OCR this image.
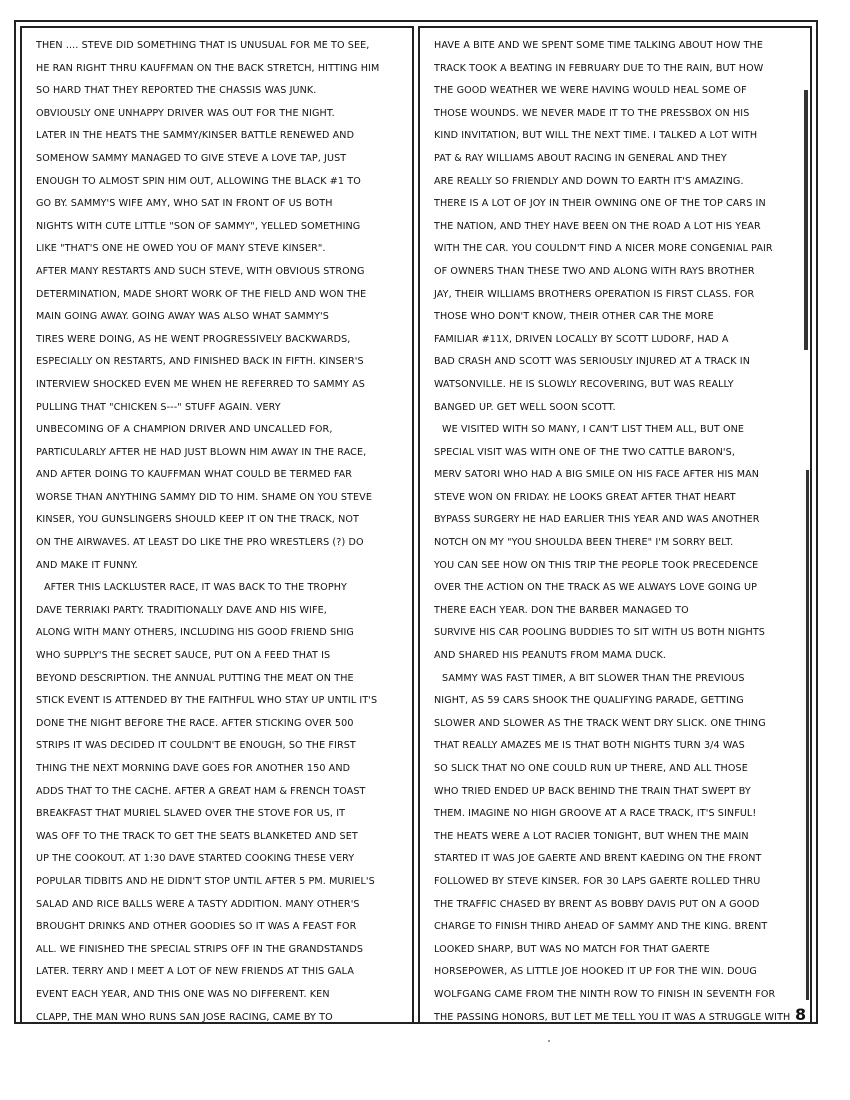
THEN .... STEVE DID SOMETHING THAT IS UNUSUAL FOR ME TO SEE,
HE RAN RIGHT THRU KAUFFMAN ON THE BACK STRETCH, HITTING HIM
SO HARD THAT THEY REPORTED THE CHASSIS WAS JUNK.
OBVIOUSLY ONE UNHAPPY DRIVER WAS OUT FOR THE NIGHT.
LATER IN THE HEATS THE SAMMY/KINSER BATTLE RENEWED AND
SOMEHOW SAMMY MANAGED TO GIVE STEVE A LOVE TAP, JUST
ENOUGH TO ALMOST SPIN HIM OUT, ALLOWING THE BLACK #1 TO
GO BY. SAMMY'S WIFE AMY, WHO SAT IN FRONT OF US BOTH
NIGHTS WITH CUTE LITTLE "SON OF SAMMY", YELLED SOMETHING
LIKE "THAT'S ONE HE OWED YOU OF MANY STEVE KINSER".
AFTER MANY RESTARTS AND SUCH STEVE, WITH OBVIOUS STRONG
DETERMINATION, MADE SHORT WORK OF THE FIELD AND WON THE
MAIN GOING AWAY. GOING AWAY WAS ALSO WHAT SAMMY'S
TIRES WERE DOING, AS HE WENT PROGRESSIVELY BACKWARDS,
ESPECIALLY ON RESTARTS, AND FINISHED BACK IN FIFTH. KINSER'S
INTERVIEW SHOCKED EVEN ME WHEN HE REFERRED TO SAMMY AS
PULLING THAT "CHICKEN S---" STUFF AGAIN. VERY
UNBECOMING OF A CHAMPION DRIVER AND UNCALLED FOR,
PARTICULARLY AFTER HE HAD JUST BLOWN HIM AWAY IN THE RACE,
AND AFTER DOING TO KAUFFMAN WHAT COULD BE TERMED FAR
WORSE THAN ANYTHING SAMMY DID TO HIM. SHAME ON YOU STEVE
KINSER, YOU GUNSLINGERS SHOULD KEEP IT ON THE TRACK, NOT
ON THE AIRWAVES. AT LEAST DO LIKE THE PRO WRESTLERS (?) DO
AND MAKE IT FUNNY.
AFTER THIS LACKLUSTER RACE, IT WAS BACK TO THE TROPHY
DAVE TERRIAKI PARTY. TRADITIONALLY DAVE AND HIS WIFE,
ALONG WITH MANY OTHERS, INCLUDING HIS GOOD FRIEND SHIG
WHO SUPPLY'S THE SECRET SAUCE, PUT ON A FEED THAT IS
BEYOND DESCRIPTION. THE ANNUAL PUTTING THE MEAT ON THE
STICK EVENT IS ATTENDED BY THE FAITHFUL WHO STAY UP UNTIL IT'S
DONE THE NIGHT BEFORE THE RACE. AFTER STICKING OVER 500
STRIPS IT WAS DECIDED IT COULDN'T BE ENOUGH, SO THE FIRST
THING THE NEXT MORNING DAVE GOES FOR ANOTHER 150 AND
ADDS THAT TO THE CACHE. AFTER A GREAT HAM & FRENCH TOAST
BREAKFAST THAT MURIEL SLAVED OVER THE STOVE FOR US, IT
WAS OFF TO THE TRACK TO GET THE SEATS BLANKETED AND SET
UP THE COOKOUT. AT 1:30 DAVE STARTED COOKING THESE VERY
POPULAR TIDBITS AND HE DIDN'T STOP UNTIL AFTER 5 PM. MURIEL'S
SALAD AND RICE BALLS WERE A TASTY ADDITION. MANY OTHER'S
BROUGHT DRINKS AND OTHER GOODIES SO IT WAS A FEAST FOR
ALL. WE FINISHED THE SPECIAL STRIPS OFF IN THE GRANDSTANDS
LATER. TERRY AND I MEET A LOT OF NEW FRIENDS AT THIS GALA
EVENT EACH YEAR, AND THIS ONE WAS NO DIFFERENT. KEN
CLAPP, THE MAN WHO RUNS SAN JOSE RACING, CAME BY TO
HAVE A BITE AND WE SPENT SOME TIME TALKING ABOUT HOW THE
TRACK TOOK A BEATING IN FEBRUARY DUE TO THE RAIN, BUT HOW
THE GOOD WEATHER WE WERE HAVING WOULD HEAL SOME OF
THOSE WOUNDS. WE NEVER MADE IT TO THE PRESSBOX ON HIS
KIND INVITATION, BUT WILL THE NEXT TIME. I TALKED A LOT WITH
PAT & RAY WILLIAMS ABOUT RACING IN GENERAL AND THEY
ARE REALLY SO FRIENDLY AND DOWN TO EARTH IT'S AMAZING.
THERE IS A LOT OF JOY IN THEIR OWNING ONE OF THE TOP CARS IN
THE NATION, AND THEY HAVE BEEN ON THE ROAD A LOT HIS YEAR
WITH THE CAR. YOU COULDN'T FIND A NICER MORE CONGENIAL PAIR
OF OWNERS THAN THESE TWO AND ALONG WITH RAYS BROTHER
JAY, THEIR WILLIAMS BROTHERS OPERATION IS FIRST CLASS. FOR
THOSE WHO DON'T KNOW, THEIR OTHER CAR THE MORE
FAMILIAR #11X, DRIVEN LOCALLY BY SCOTT LUDORF, HAD A
BAD CRASH AND SCOTT WAS SERIOUSLY INJURED AT A TRACK IN
WATSONVILLE. HE IS SLOWLY RECOVERING, BUT WAS REALLY
BANGED UP. GET WELL SOON SCOTT.
WE VISITED WITH SO MANY, I CAN'T LIST THEM ALL, BUT ONE
SPECIAL VISIT WAS WITH ONE OF THE TWO CATTLE BARON'S,
MERV SATORI WHO HAD A BIG SMILE ON HIS FACE AFTER HIS MAN
STEVE WON ON FRIDAY. HE LOOKS GREAT AFTER THAT HEART
BYPASS SURGERY HE HAD EARLIER THIS YEAR AND WAS ANOTHER
NOTCH ON MY "YOU SHOULDA BEEN THERE" I'M SORRY BELT.
YOU CAN SEE HOW ON THIS TRIP THE PEOPLE TOOK PRECEDENCE
OVER THE ACTION ON THE TRACK AS WE ALWAYS LOVE GOING UP
THERE EACH YEAR. DON THE BARBER MANAGED TO
SURVIVE HIS CAR POOLING BUDDIES TO SIT WITH US BOTH NIGHTS
AND SHARED HIS PEANUTS FROM MAMA DUCK.
SAMMY WAS FAST TIMER, A BIT SLOWER THAN THE PREVIOUS
NIGHT, AS 59 CARS SHOOK THE QUALIFYING PARADE, GETTING
SLOWER AND SLOWER AS THE TRACK WENT DRY SLICK. ONE THING
THAT REALLY AMAZES ME IS THAT BOTH NIGHTS TURN 3/4 WAS
SO SLICK THAT NO ONE COULD RUN UP THERE, AND ALL THOSE
WHO TRIED ENDED UP BACK BEHIND THE TRAIN THAT SWEPT BY
THEM. IMAGINE NO HIGH GROOVE AT A RACE TRACK, IT'S SINFUL!
THE HEATS WERE A LOT RACIER TONIGHT, BUT WHEN THE MAIN
STARTED IT WAS JOE GAERTE AND BRENT KAEDING ON THE FRONT
FOLLOWED BY STEVE KINSER. FOR 30 LAPS GAERTE ROLLED THRU
THE TRAFFIC CHASED BY BRENT AS BOBBY DAVIS PUT ON A GOOD
CHARGE TO FINISH THIRD AHEAD OF SAMMY AND THE KING. BRENT
LOOKED SHARP, BUT WAS NO MATCH FOR THAT GAERTE
HORSEPOWER, AS LITTLE JOE HOOKED IT UP FOR THE WIN. DOUG
WOLFGANG CAME FROM THE NINTH ROW TO FINISH IN SEVENTH FOR
THE PASSING HONORS, BUT LET ME TELL YOU IT WAS A STRUGGLE WITH 8
